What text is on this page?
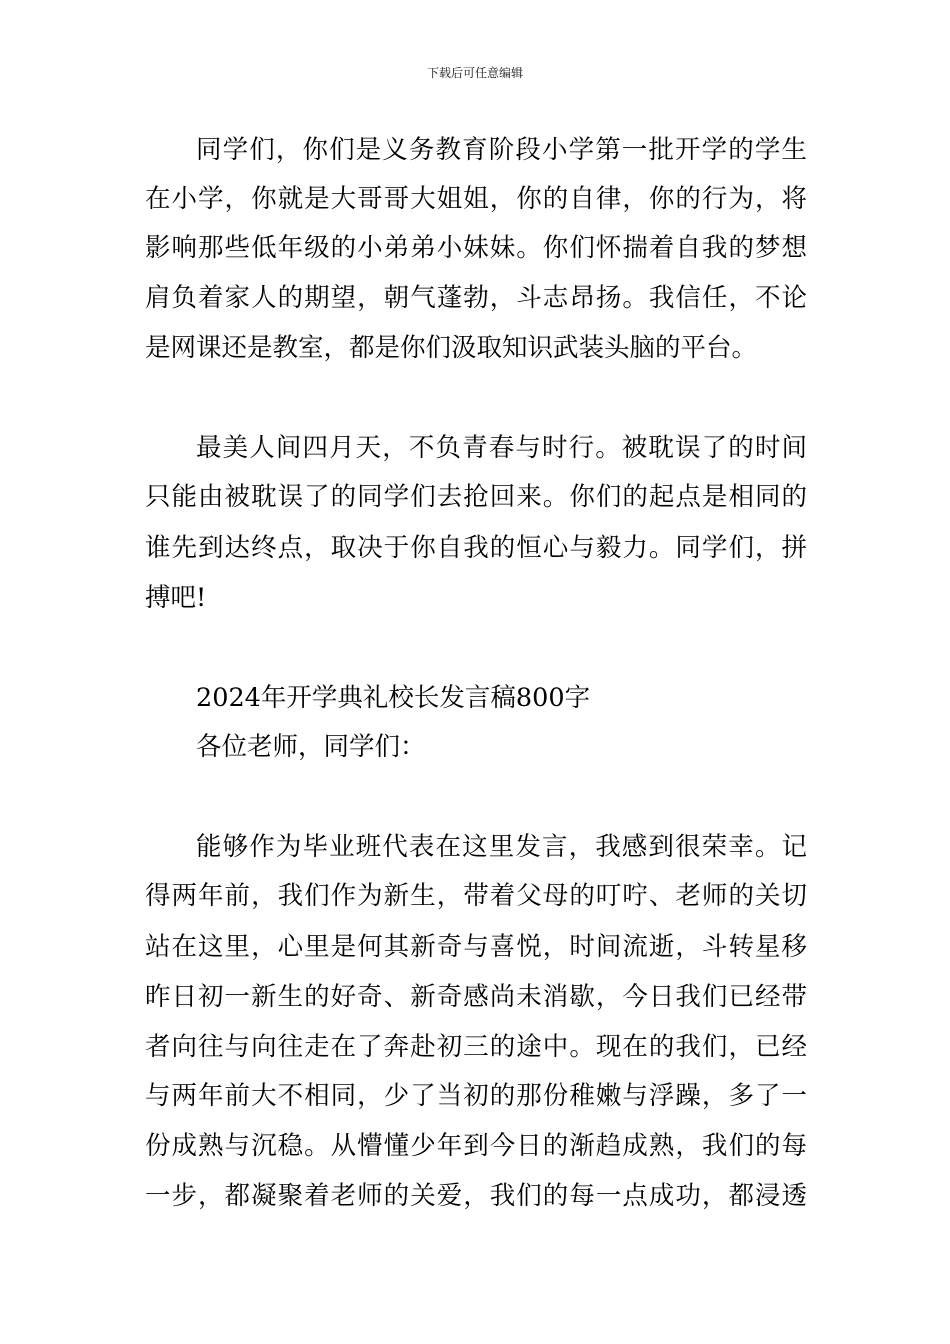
下载后可任意编辑
同学们，你们是义务教育阶段小学第一批开学的学生
在小学，你就是大哥哥大姐姐，你的自律，你的行为，将
影响那些低年级的小弟弟小妹妹。你们怀揣着自我的梦想
肩负着家人的期望，朝气蓬勃，斗志昂扬。我信任，不论
是网课还是教室，都是你们汲取知识武装头脑的平台。
最美人间四月天，不负青春与时行。被耽误了的时间
只能由被耽误了的同学们去抢回来。你们的起点是相同的
谁先到达终点，取决于你自我的恒心与毅力。同学们，拼
搏吧!
2024年开学典礼校长发言稿800字
各位老师，同学们：
能够作为毕业班代表在这里发言，我感到很荣幸。记
得两年前，我们作为新生，带着父母的叮咛、老师的关切
站在这里，心里是何其新奇与喜悦，时间流逝，斗转星移
昨日初一新生的好奇、新奇感尚未消歇，今日我们已经带
者向往与向往走在了奔赴初三的途中。现在的我们，已经
与两年前大不相同，少了当初的那份稚嫩与浮躁，多了一
份成熟与沉稳。从懵懂少年到今日的渐趋成熟，我们的每
一步，都凝聚着老师的关爱，我们的每一点成功，都浸透
